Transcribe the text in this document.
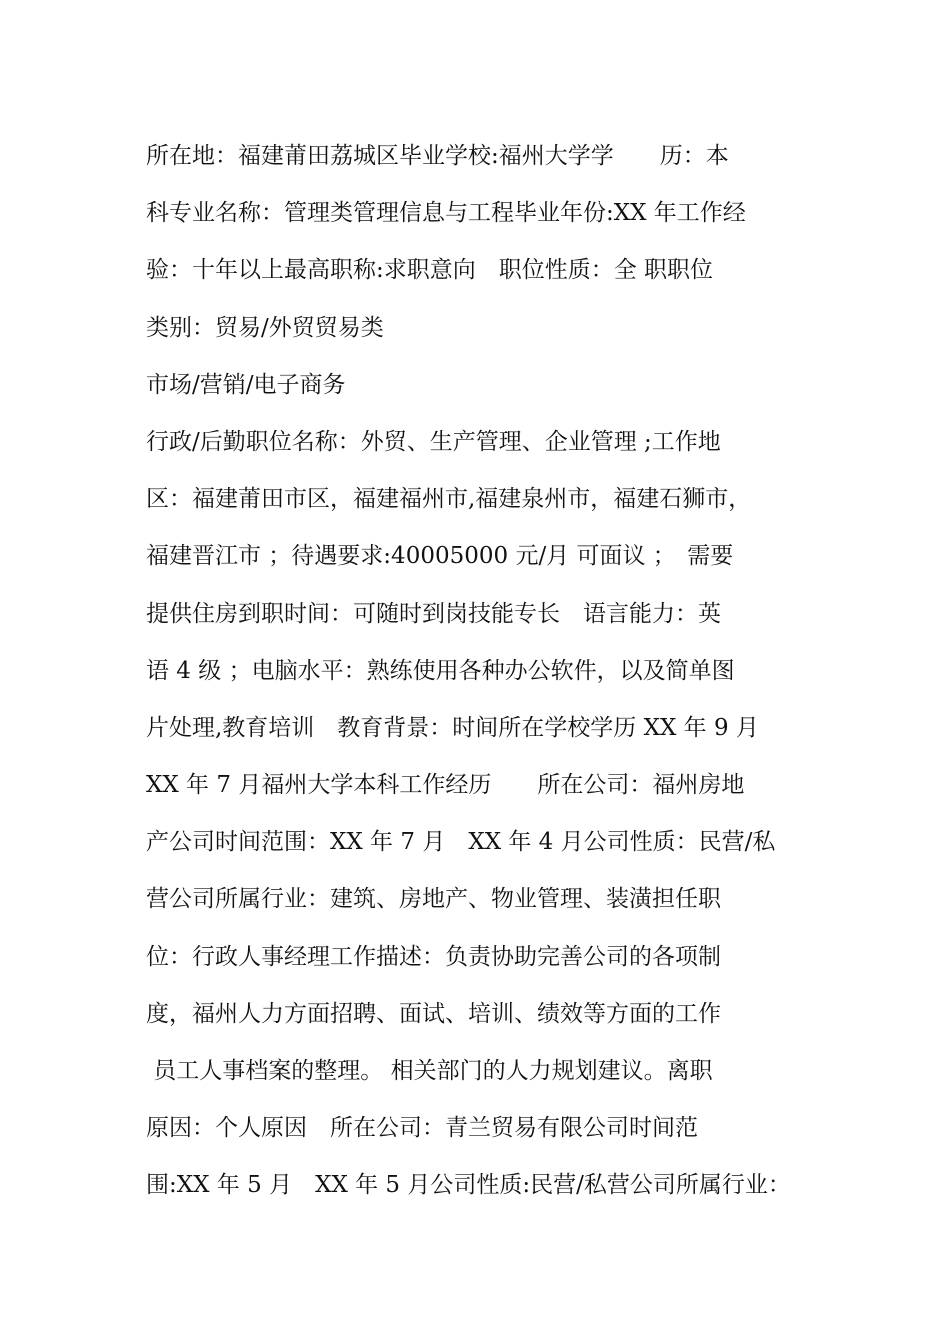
所在地：福建莆田荔城区毕业学校:福州大学学　　历：本
科专业名称：管理类管理信息与工程毕业年份:XX 年工作经
验：十年以上最高职称:求职意向　职位性质：全 职职位
类别：贸易/外贸贸易类
市场/营销/电子商务
行政/后勤职位名称：外贸、生产管理、企业管理 ;工作地
区：福建莆田市区，福建福州市,福建泉州市，福建石狮市，
福建晋江市 ；待遇要求:40005000 元/月 可面议 ；　需要
提供住房到职时间：可随时到岗技能专长　语言能力：英
语 4 级 ；电脑水平：熟练使用各种办公软件，以及简单图
片处理,教育培训　教育背景：时间所在学校学历 XX 年 9 月
XX 年 7 月福州大学本科工作经历　　所在公司：福州房地
产公司时间范围：XX 年 7 月　XX 年 4 月公司性质：民营/私
营公司所属行业：建筑、房地产、物业管理、装潢担任职
位：行政人事经理工作描述：负责协助完善公司的各项制
度，福州人力方面招聘、面试、培训、绩效等方面的工作
员工人事档案的整理。 相关部门的人力规划建议。离职
原因：个人原因　所在公司：青兰贸易有限公司时间范
围:XX 年 5 月　XX 年 5 月公司性质:民营/私营公司所属行业：
